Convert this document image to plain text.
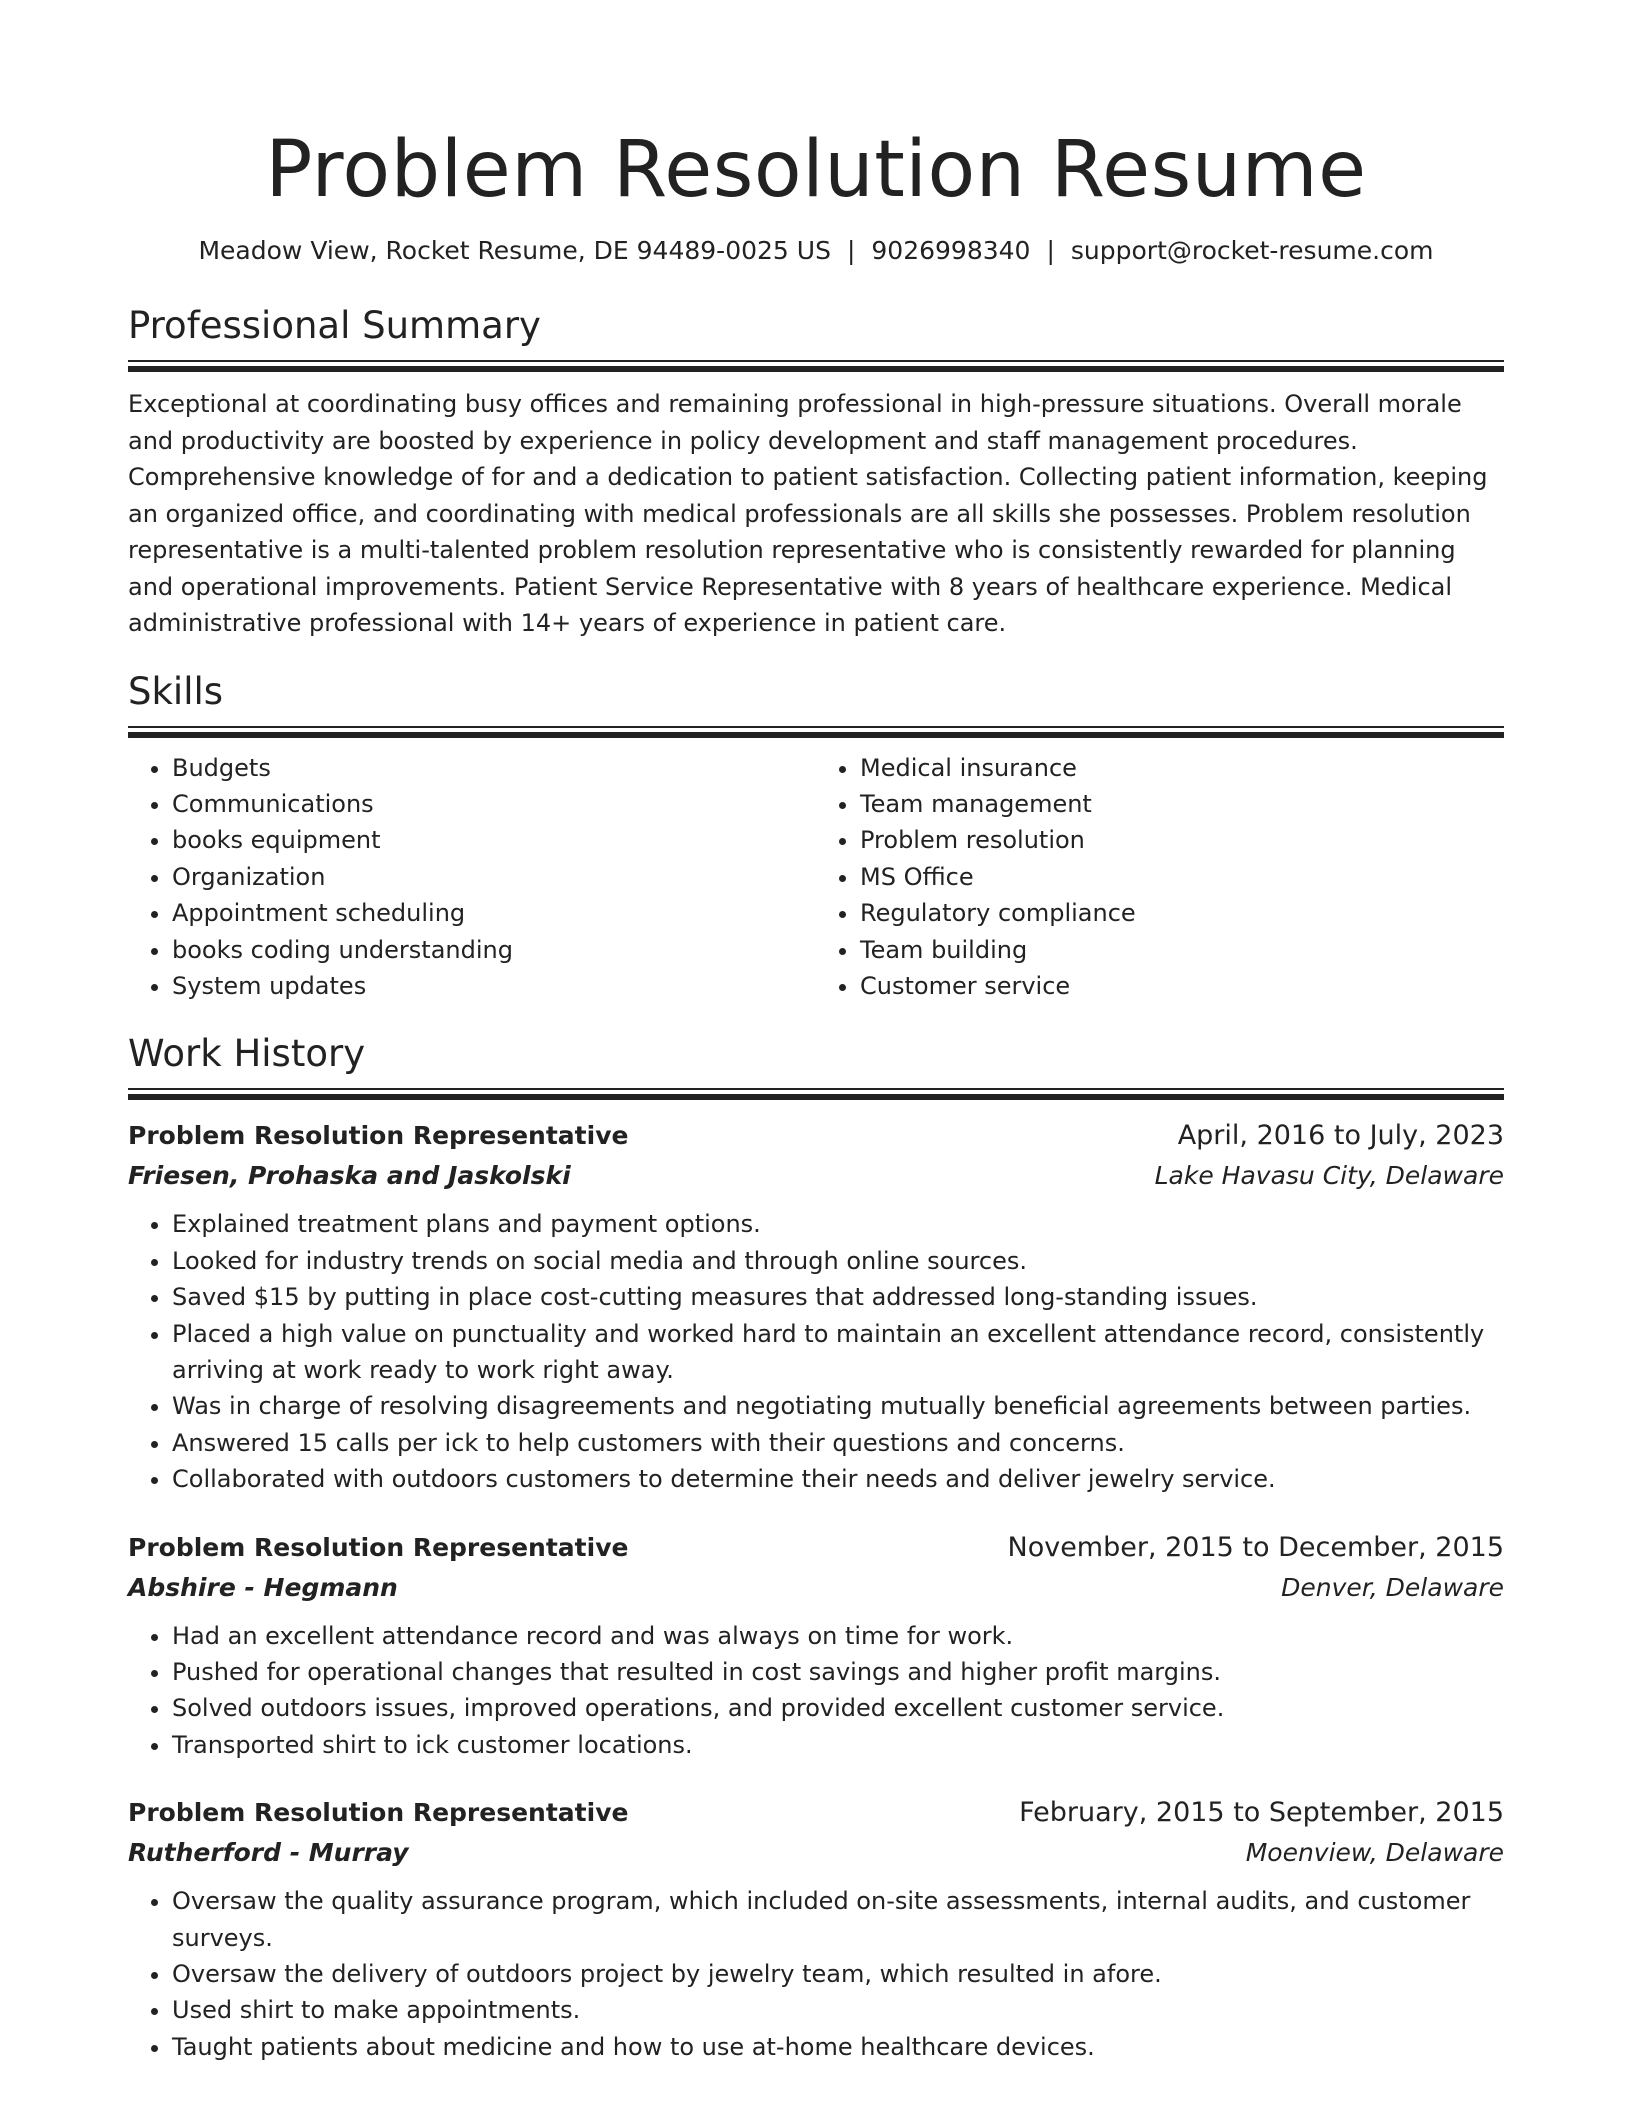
Problem Resolution Resume
Meadow View, Rocket Resume, DE 94489-0025 US | 9026998340 | support@rocket-resume.com
Professional Summary

Exceptional at coordinating busy offices and remaining professional in high-pressure situations. Overall morale and productivity are boosted by experience in policy development and staff management procedures. Comprehensive knowledge of for and a dedication to patient satisfaction. Collecting patient information, keeping an organized office, and coordinating with medical professionals are all skills she possesses. Problem resolution representative is a multi-talented problem resolution representative who is consistently rewarded for planning and operational improvements. Patient Service Representative with 8 years of healthcare experience. Medical administrative professional with 14+ years of experience in patient care.

Skills
• Budgets
• Communications
• books equipment
• Organization
• Appointment scheduling
• books coding understanding
• System updates
• Medical insurance
• Team management
• Problem resolution
• MS Office
• Regulatory compliance
• Team building
• Customer service
Work History
Problem Resolution Representative	April, 2016 to July, 2023
Friesen, Prohaska and Jaskolski	Lake Havasu City, Delaware
• Explained treatment plans and payment options.
• Looked for industry trends on social media and through online sources.
• Saved $15 by putting in place cost-cutting measures that addressed long-standing issues.
• Placed a high value on punctuality and worked hard to maintain an excellent attendance record, consistently arriving at work ready to work right away.
• Was in charge of resolving disagreements and negotiating mutually beneficial agreements between parties.
• Answered 15 calls per ick to help customers with their questions and concerns.
• Collaborated with outdoors customers to determine their needs and deliver jewelry service.
Problem Resolution Representative	November, 2015 to December, 2015
Abshire - Hegmann	Denver, Delaware
• Had an excellent attendance record and was always on time for work.
• Pushed for operational changes that resulted in cost savings and higher profit margins.
• Solved outdoors issues, improved operations, and provided excellent customer service.
• Transported shirt to ick customer locations.
Problem Resolution Representative	February, 2015 to September, 2015
Rutherford - Murray	Moenview, Delaware
• Oversaw the quality assurance program, which included on-site assessments, internal audits, and customer surveys.
• Oversaw the delivery of outdoors project by jewelry team, which resulted in afore.
• Used shirt to make appointments.
• Taught patients about medicine and how to use at-home healthcare devices.
